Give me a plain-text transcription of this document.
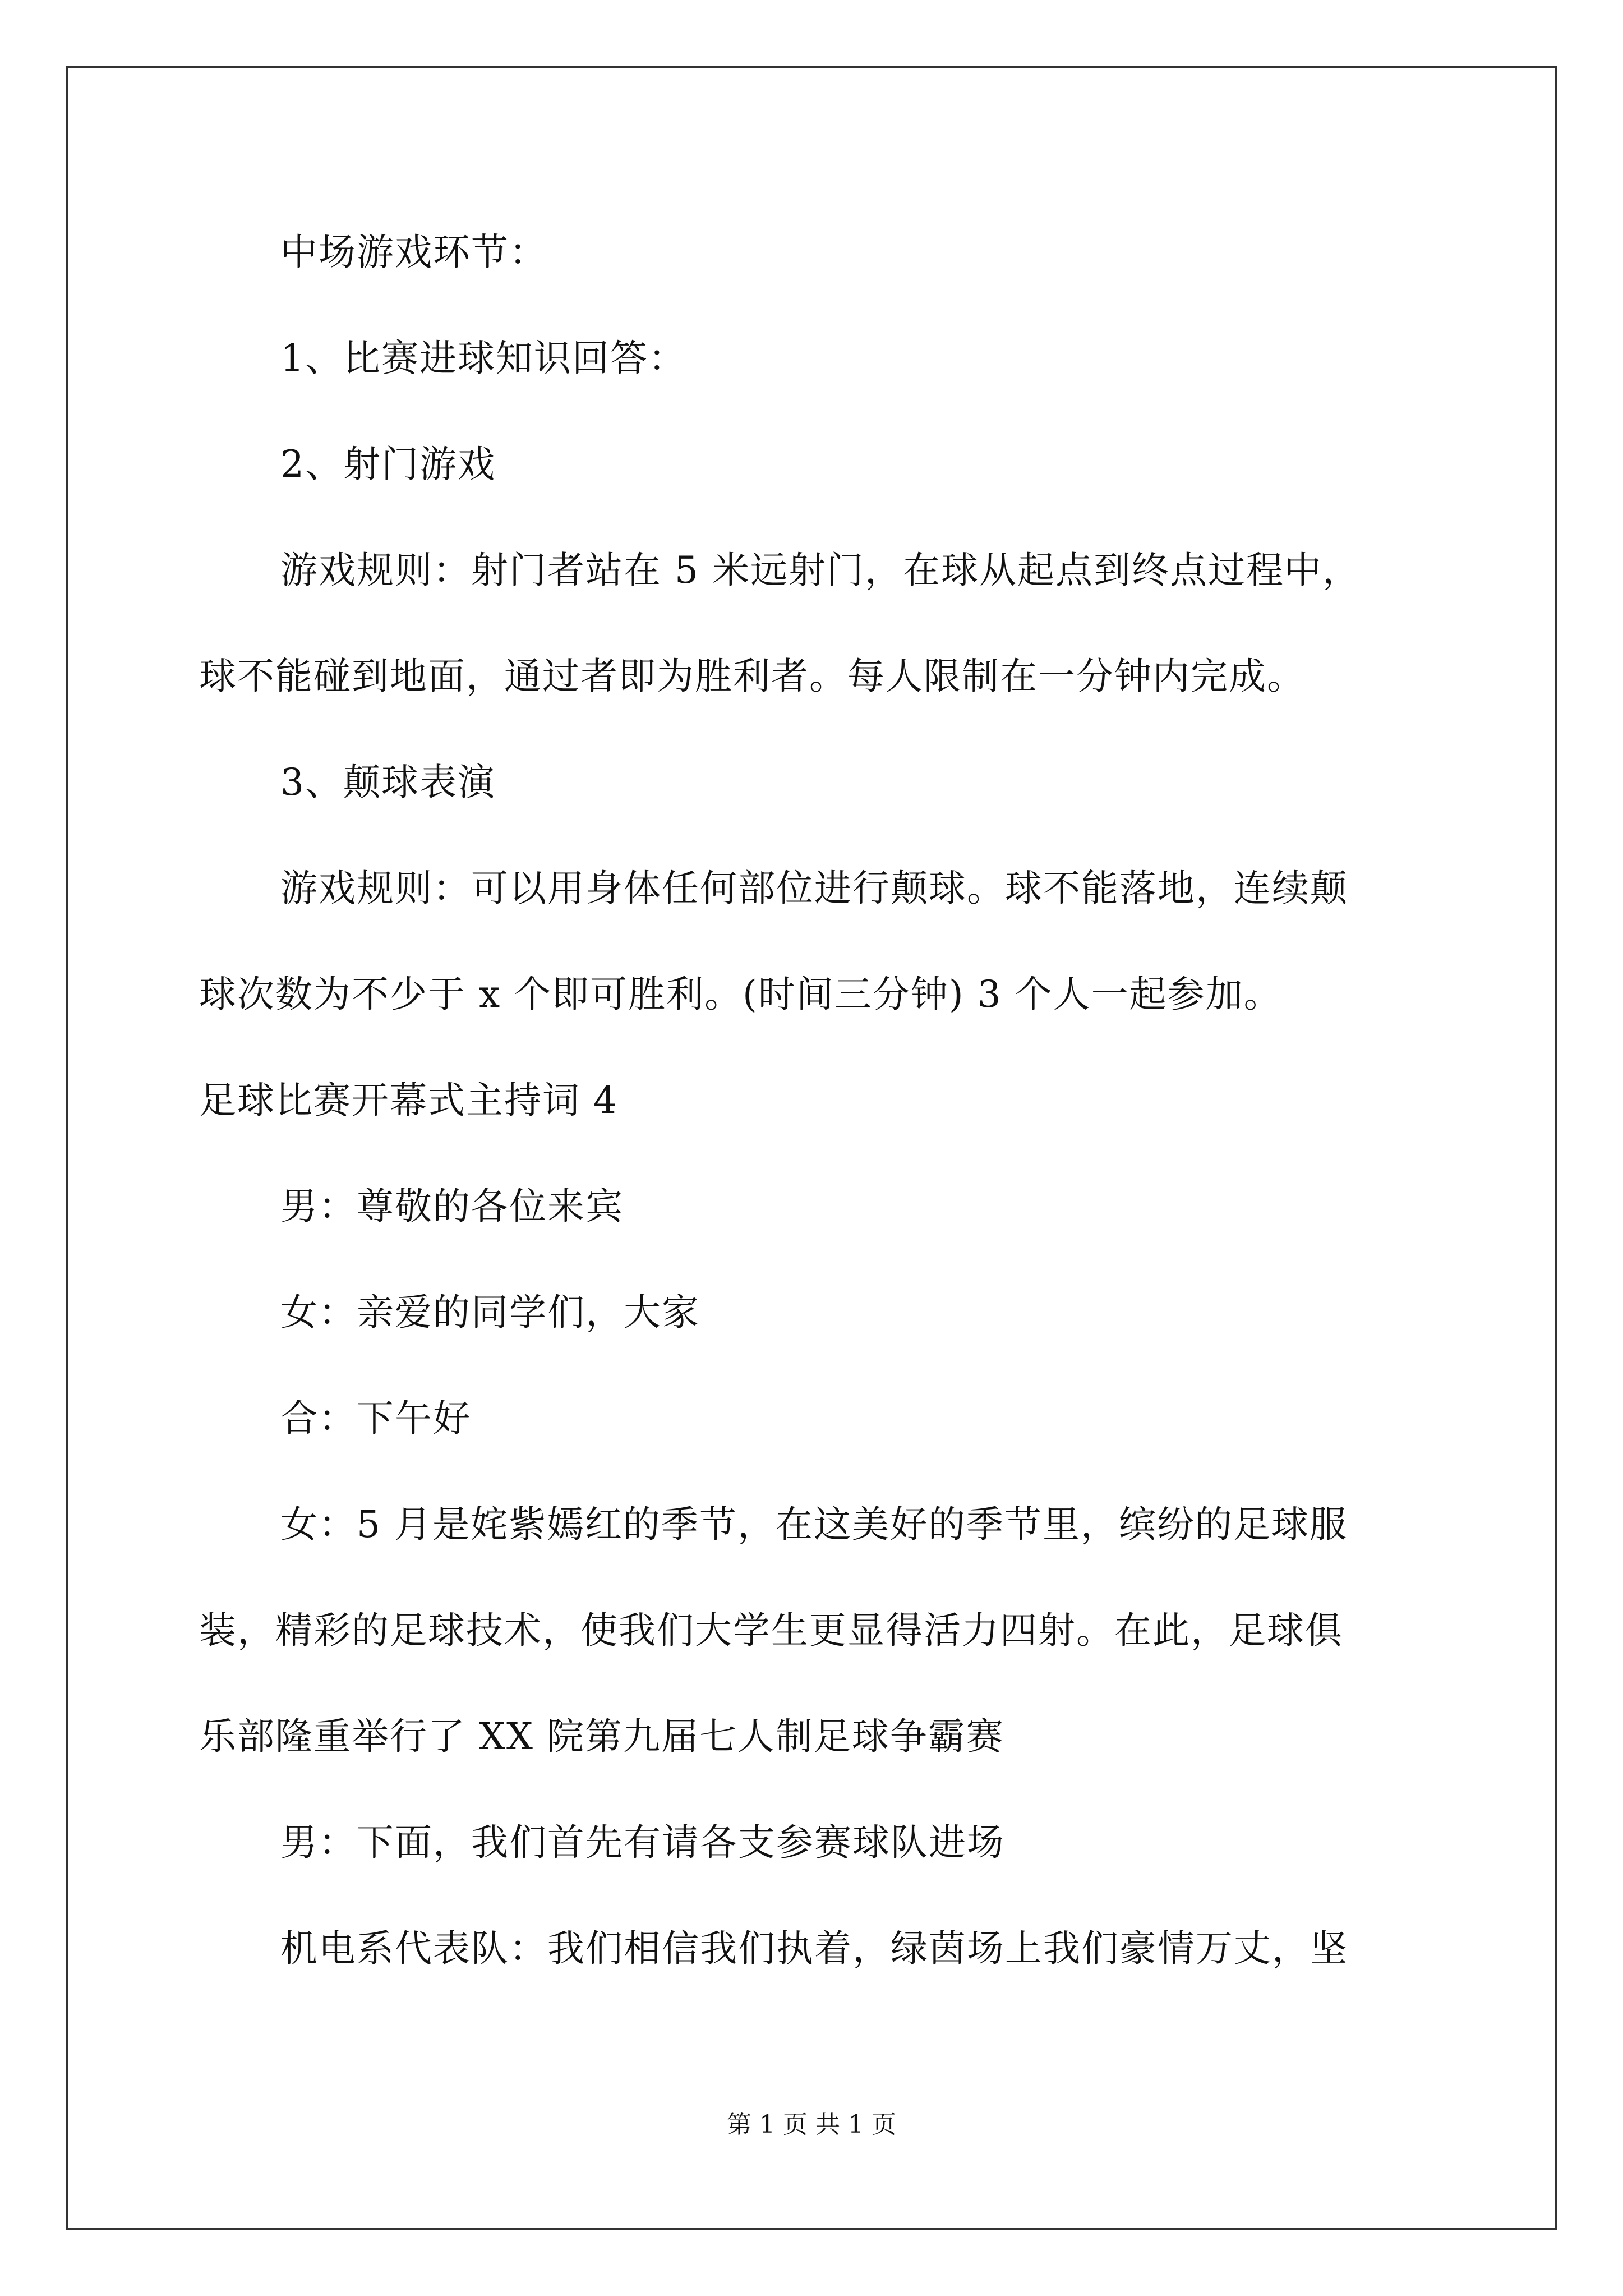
中场游戏环节：
1、比赛进球知识回答：
2、射门游戏
游戏规则：射门者站在 5 米远射门，在球从起点到终点过程中，
球不能碰到地面，通过者即为胜利者。每人限制在一分钟内完成。
3、颠球表演
游戏规则：可以用身体任何部位进行颠球。球不能落地，连续颠
球次数为不少于 x 个即可胜利。(时间三分钟) 3 个人一起参加。
足球比赛开幕式主持词 4
男：尊敬的各位来宾
女：亲爱的同学们，大家
合：下午好
女：5 月是姹紫嫣红的季节，在这美好的季节里，缤纷的足球服
装，精彩的足球技术，使我们大学生更显得活力四射。在此，足球俱
乐部隆重举行了 XX 院第九届七人制足球争霸赛
男：下面，我们首先有请各支参赛球队进场
机电系代表队：我们相信我们执着，绿茵场上我们豪情万丈，坚
第 1 页 共 1 页
